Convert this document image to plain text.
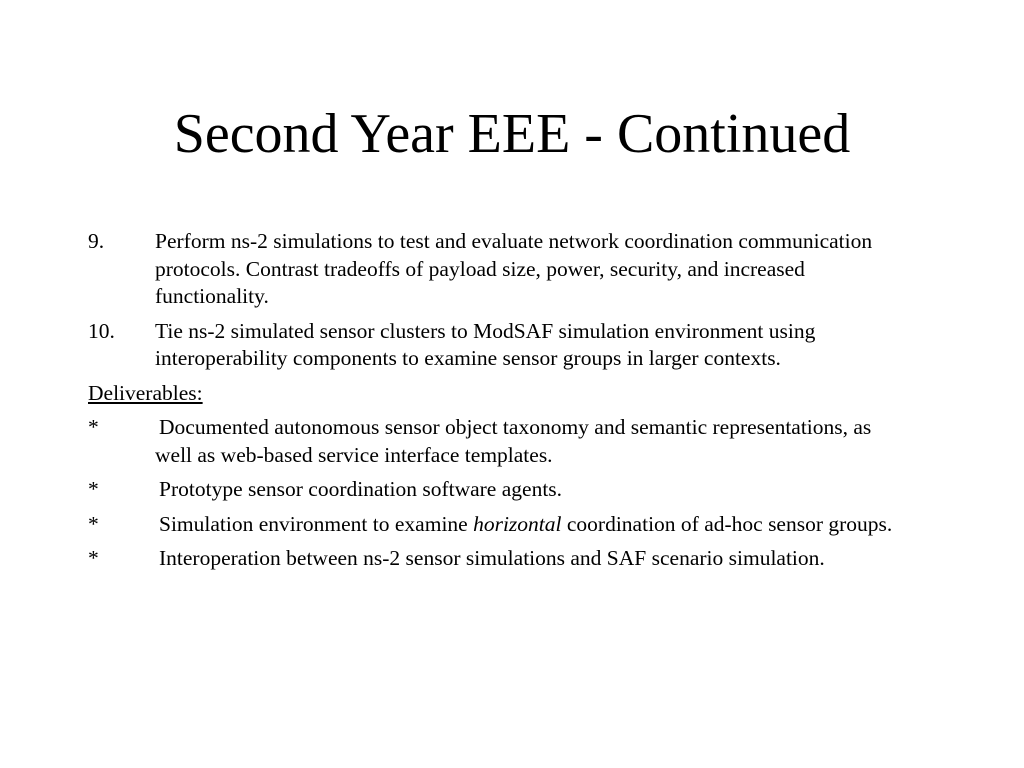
Second Year EEE - Continued
9. Perform ns-2 simulations to test and evaluate network coordination communication protocols. Contrast tradeoffs of payload size, power, security, and increased functionality.
10. Tie ns-2 simulated sensor clusters to ModSAF simulation environment using interoperability components to examine sensor groups in larger contexts.
Deliverables:
*	Documented autonomous sensor object taxonomy and semantic representations, as well as web-based service interface templates.
*	Prototype sensor coordination software agents.
*	Simulation environment to examine horizontal coordination of ad-hoc sensor groups.
*	Interoperation between ns-2 sensor simulations and SAF scenario simulation.
